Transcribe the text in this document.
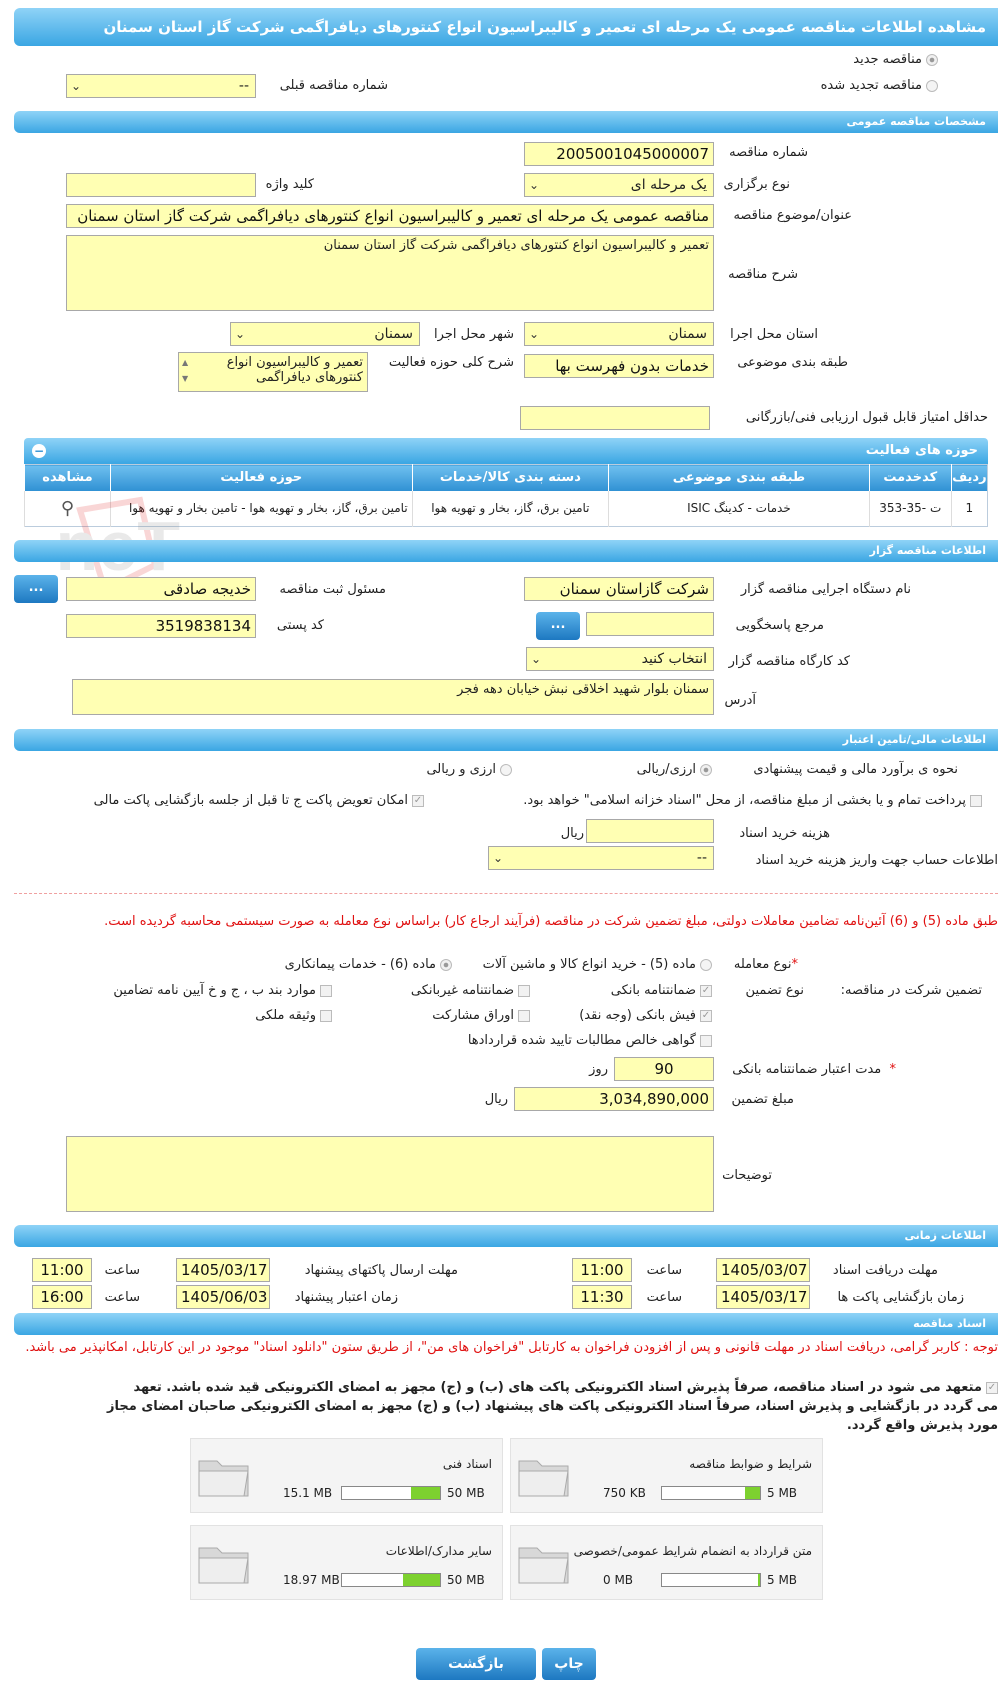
مشاهده اطلاعات مناقصه عمومی یک مرحله ای تعمیر و کالیبراسیون انواع کنتورهای دیافراگمی شرکت گاز استان سمنان
مناقصه جدید
مناقصه تجدید شده
شماره مناقصه قبلی
⌄	--
مشخصات مناقصه عمومی
شماره مناقصه
2005001045000007
نوع برگزاری
⌄	یک مرحله ای
کلید واژه
عنوان/موضوع مناقصه
مناقصه عمومی یک مرحله ای تعمیر و کالیبراسیون انواع کنتورهای دیافراگمی شرکت گاز استان سمنان
شرح مناقصه
تعمیر و کالیبراسیون انواع کنتورهای دیافراگمی شرکت گاز استان سمنان
استان محل اجرا
⌄	سمنان
شهر محل اجرا
⌄	سمنان
طبقه بندی موضوعی
خدمات بدون فهرست بها
شرح کلی حوزه فعالیت
تعمیر و کالیبراسیون انواع کنتورهای دیافراگمی
▲
▼
حداقل امتیاز قابل قبول ارزیابی فنی/بازرگانی
حوزه های فعالیت
−
ردیف	کدخدمت	طبقه بندی موضوعی	دسته بندی کالا/خدمات	حوزه فعالیت	مشاهده
1	ت -35-353	خدمات - کدینگ ISIC	تامین برق، گاز، بخار و تهویه هوا	تامین برق، گاز، بخار و تهویه هوا - تامین بخار و تهویه هوا	⚲
اطلاعات مناقصه گزار
نام دستگاه اجرایی مناقصه گزار
شرکت گازاستان سمنان
مسئول ثبت مناقصه
خدیجه صادقی
...
مرجع پاسخگویی
...
کد پستی
3519838134
کد کارگاه مناقصه گزار
⌄	انتخاب کنید
آدرس
سمنان بلوار شهید اخلاقی نبش خیابان دهه فجر
اطلاعات مالی/تامین اعتبار
نحوه ی برآورد مالی و قیمت پیشنهادی
ارزی/ریالی
ارزی و ریالی
پرداخت تمام و یا بخشی از مبلغ مناقصه، از محل "اسناد خزانه اسلامی" خواهد بود.
✓امکان تعویض پاکت ج تا قبل از جلسه بازگشایی پاکت مالی
هزینه خرید اسناد
ریال
اطلاعات حساب جهت واریز هزینه خرید اسناد
⌄	--
طبق ماده (5) و (6) آئین‌نامه تضامین معاملات دولتی، مبلغ تضمین شرکت در مناقصه (فرآیند ارجاع کار) براساس نوع معامله به صورت سیستمی محاسبه گردیده است.
*نوع معامله
ماده (5) - خرید انواع کالا و ماشین آلات
ماده (6) - خدمات پیمانکاری
تضمین شرکت در مناقصه:
نوع تضمین
✓ضمانتنامه بانکی
ضمانتنامه غیربانکی
موارد بند ب ، ج و خ آیین نامه تضامین
✓فیش بانکی (وجه نقد)
اوراق مشارکت
وثیقه ملکی
گواهی خالص مطالبات تایید شده قراردادها
*  مدت اعتبار ضمانتنامه بانکی
90
روز
مبلغ تضمین
3,034,890,000
ریال
توضیحات
اطلاعات زمانی
مهلت دریافت اسناد
1405/03/07
ساعت
11:00
مهلت ارسال پاکتهای پیشنهاد
1405/03/17
ساعت
11:00
زمان بازگشایی پاکت ها
1405/03/17
ساعت
11:30
زمان اعتبار پیشنهاد
1405/06/03
ساعت
16:00
اسناد مناقصه
توجه : کاربر گرامی، دریافت اسناد در مهلت قانونی و پس از افزودن فراخوان به کارتابل "فراخوان های من"، از طریق ستون "دانلود اسناد" موجود در این کارتابل، امکانپذیر می باشد.
✓متعهد می شود در اسناد مناقصه، صرفاً پذیرش اسناد الکترونیکی پاکت های (ب) و (ج) مجهز به امضای الکترونیکی قید شده باشد. تعهد
می گردد در بازگشایی و پذیرش اسناد، صرفاً اسناد الکترونیکی پاکت های پیشنهاد (ب) و (ج) مجهز به امضای الکترونیکی صاحبان امضای مجاز
مورد پذیرش واقع گردد.
شرایط و ضوابط مناقصه
750 KB	5 MB
اسناد فنی
15.1 MB	50 MB
متن قرارداد به انضمام شرایط عمومی/خصوصی
0 MB	5 MB
سایر مدارک/اطلاعات
18.97 MB	50 MB
چاپ
بازگشت
